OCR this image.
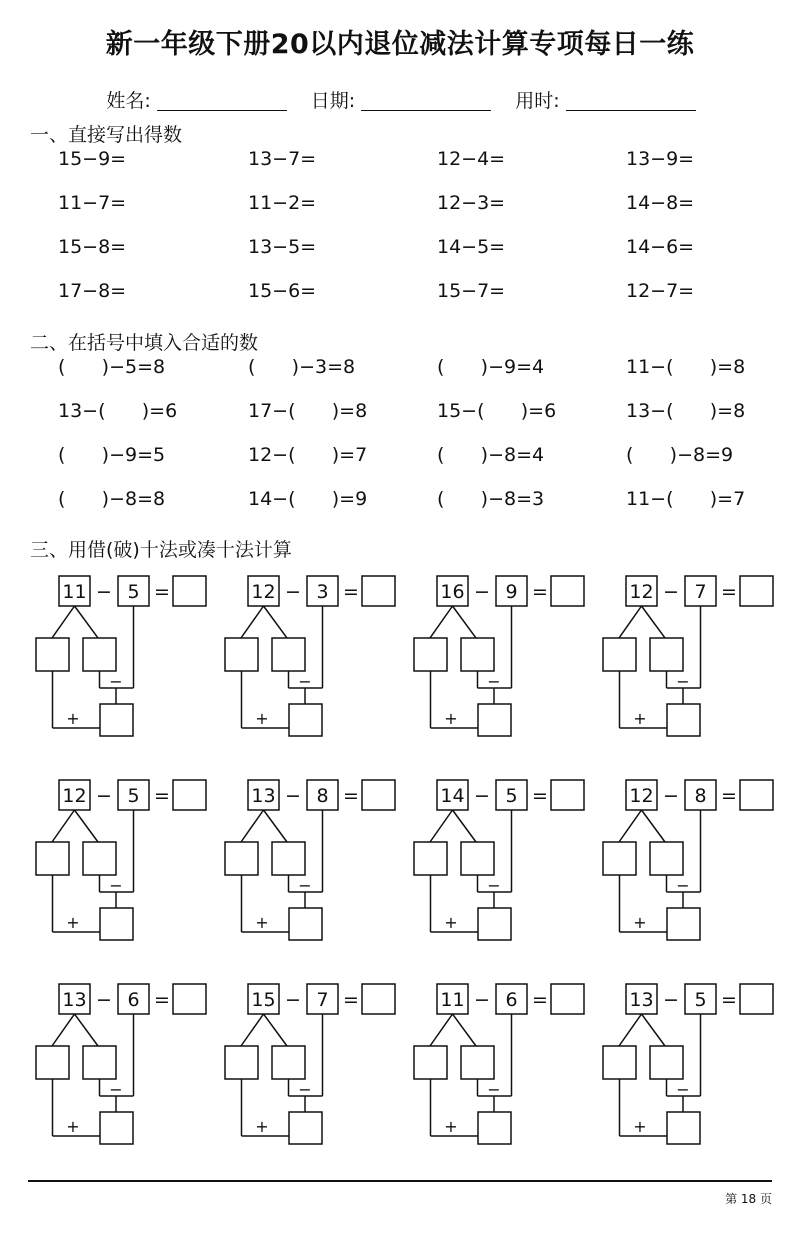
新一年级下册20以内退位减法计算专项每日一练
姓名:	日期:	用时:
一、直接写出得数
15−9=	13−7=	12−4=	13−9=
11−7=	11−2=	12−3=	14−8=
15−8=	13−5=	14−5=	14−6=
17−8=	15−6=	15−7=	12−7=
二、在括号中填入合适的数
(      )−5=8	(      )−3=8	(      )−9=4	11−(      )=8
13−(      )=6	17−(      )=8	15−(      )=6	13−(      )=8
(      )−9=5	12−(      )=7	(      )−8=4	(      )−8=9
(      )−8=8	14−(      )=9	(      )−8=3	11−(      )=7
三、用借(破)十法或凑十法计算
11 − 5 =
−
+
12 − 3 =
−
+
16 − 9 =
−
+
12 − 7 =
−
+
12 − 5 =
−
+
13 − 8 =
−
+
14 − 5 =
−
+
12 − 8 =
−
+
13 − 6 =
−
+
15 − 7 =
−
+
11 − 6 =
−
+
13 − 5 =
−
+
第 18 页
